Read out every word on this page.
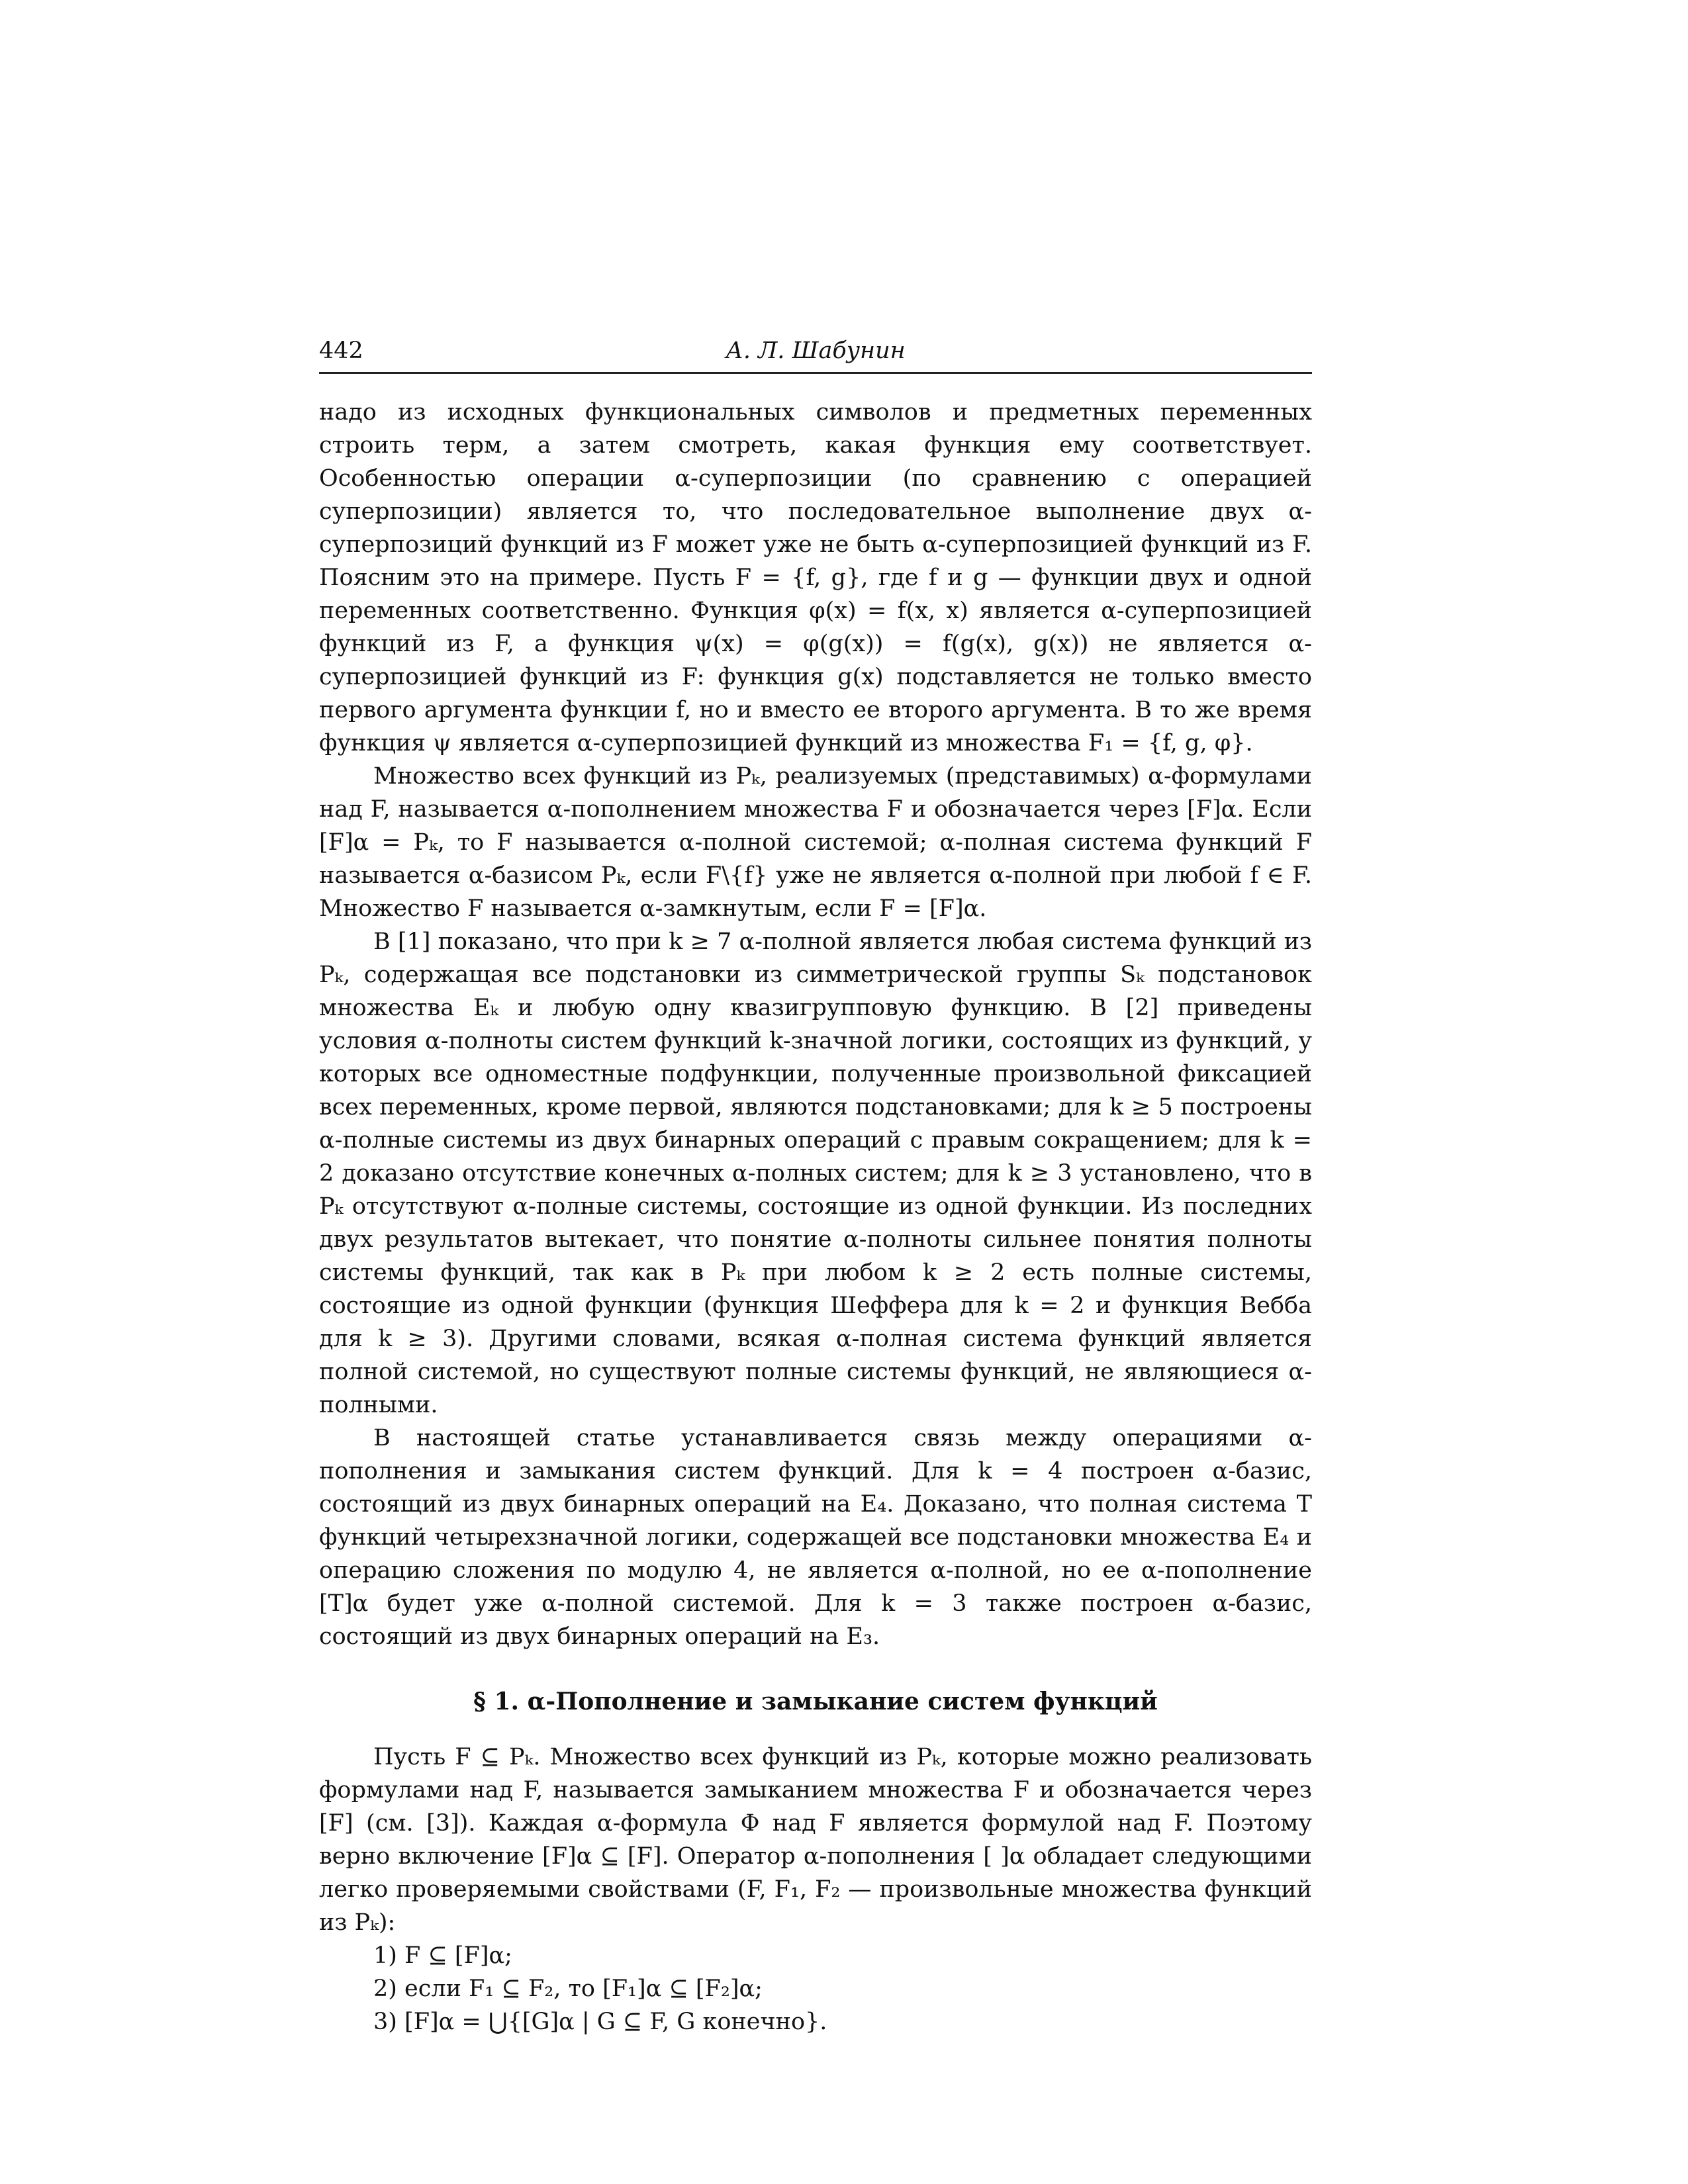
442	А. Л. Шабунин

надо из исходных функциональных символов и предметных переменных строить терм, а затем смотреть, какая функция ему соответствует. Особенностью операции α-суперпозиции (по сравнению с операцией суперпозиции) является то, что последовательное выполнение двух α-суперпозиций функций из F может уже не быть α-суперпозицией функций из F. Поясним это на примере. Пусть F = {f, g}, где f и g — функции двух и одной переменных соответственно. Функция φ(x) = f(x, x) является α-суперпозицией функций из F, а функция ψ(x) = φ(g(x)) = f(g(x), g(x)) не является α-суперпозицией функций из F: функция g(x) подставляется не только вместо первого аргумента функции f, но и вместо ее второго аргумента. В то же время функция ψ является α-суперпозицией функций из множества F₁ = {f, g, φ}.

Множество всех функций из Pₖ, реализуемых (представимых) α-формулами над F, называется α-пополнением множества F и обозначается через [F]α. Если [F]α = Pₖ, то F называется α-полной системой; α-полная система функций F называется α-базисом Pₖ, если F\{f} уже не является α-полной при любой f ∈ F. Множество F называется α-замкнутым, если F = [F]α.

В [1] показано, что при k ≥ 7 α-полной является любая система функций из Pₖ, содержащая все подстановки из симметрической группы Sₖ подстановок множества Eₖ и любую одну квазигрупповую функцию. В [2] приведены условия α-полноты систем функций k-значной логики, состоящих из функций, у которых все одноместные подфункции, полученные произвольной фиксацией всех переменных, кроме первой, являются подстановками; для k ≥ 5 построены α-полные системы из двух бинарных операций с правым сокращением; для k = 2 доказано отсутствие конечных α-полных систем; для k ≥ 3 установлено, что в Pₖ отсутствуют α-полные системы, состоящие из одной функции. Из последних двух результатов вытекает, что понятие α-полноты сильнее понятия полноты системы функций, так как в Pₖ при любом k ≥ 2 есть полные системы, состоящие из одной функции (функция Шеффера для k = 2 и функция Вебба для k ≥ 3). Другими словами, всякая α-полная система функций является полной системой, но существуют полные системы функций, не являющиеся α-полными.

В настоящей статье устанавливается связь между операциями α-пополнения и замыкания систем функций. Для k = 4 построен α-базис, состоящий из двух бинарных операций на E₄. Доказано, что полная система T функций четырехзначной логики, содержащей все подстановки множества E₄ и операцию сложения по модулю 4, не является α-полной, но ее α-пополнение [T]α будет уже α-полной системой. Для k = 3 также построен α-базис, состоящий из двух бинарных операций на E₃.

§ 1. α-Пополнение и замыкание систем функций

Пусть F ⊆ Pₖ. Множество всех функций из Pₖ, которые можно реализовать формулами над F, называется замыканием множества F и обозначается через [F] (см. [3]). Каждая α-формула Φ над F является формулой над F. Поэтому верно включение [F]α ⊆ [F]. Оператор α-пополнения [ ]α обладает следующими легко проверяемыми свойствами (F, F₁, F₂ — произвольные множества функций из Pₖ):

1) F ⊆ [F]α;
2) если F₁ ⊆ F₂, то [F₁]α ⊆ [F₂]α;
3) [F]α = ⋃{[G]α | G ⊆ F, G конечно}.
